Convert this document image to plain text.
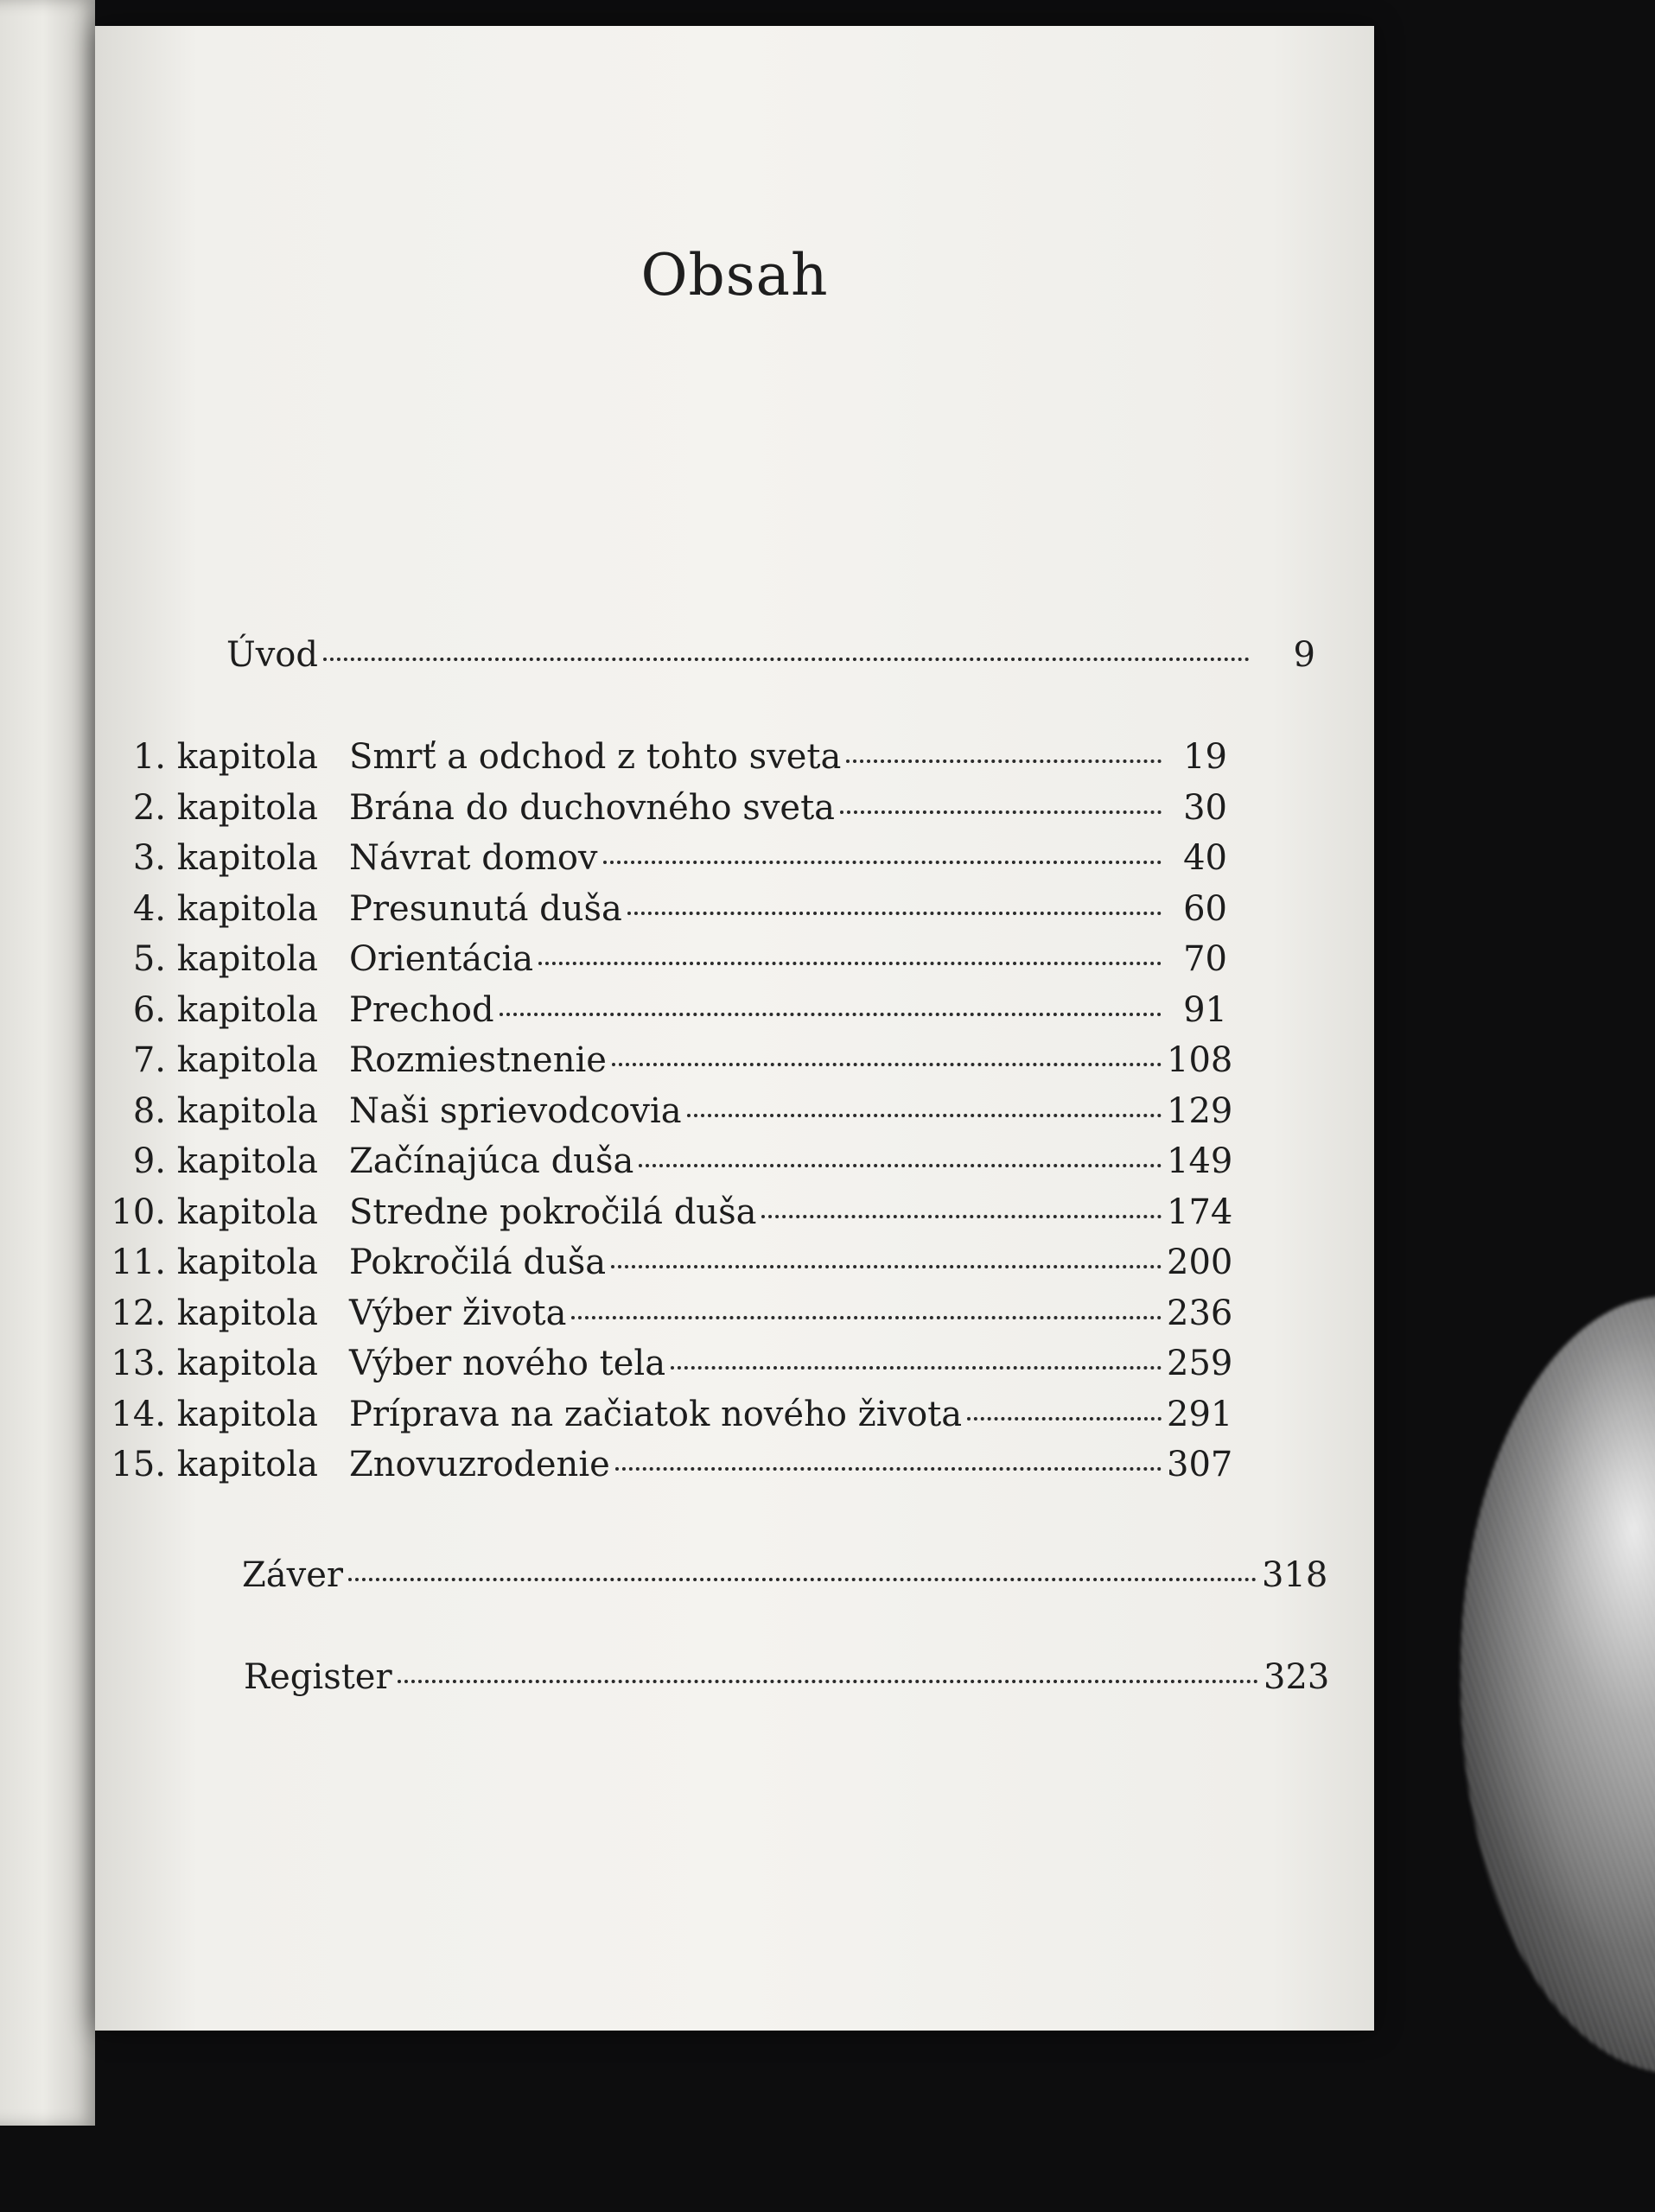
Obsah
Úvod	9
1. kapitola Smrť a odchod z tohto sveta	19
2. kapitola Brána do duchovného sveta	30
3. kapitola Návrat domov	40
4. kapitola Presunutá duša	60
5. kapitola Orientácia	70
6. kapitola Prechod	91
7. kapitola Rozmiestnenie	108
8. kapitola Naši sprievodcovia	129
9. kapitola Začínajúca duša	149
10. kapitola Stredne pokročilá duša	174
11. kapitola Pokročilá duša	200
12. kapitola Výber života	236
13. kapitola Výber nového tela	259
14. kapitola Príprava na začiatok nového života	291
15. kapitola Znovuzrodenie	307
Záver	318
Register	323
